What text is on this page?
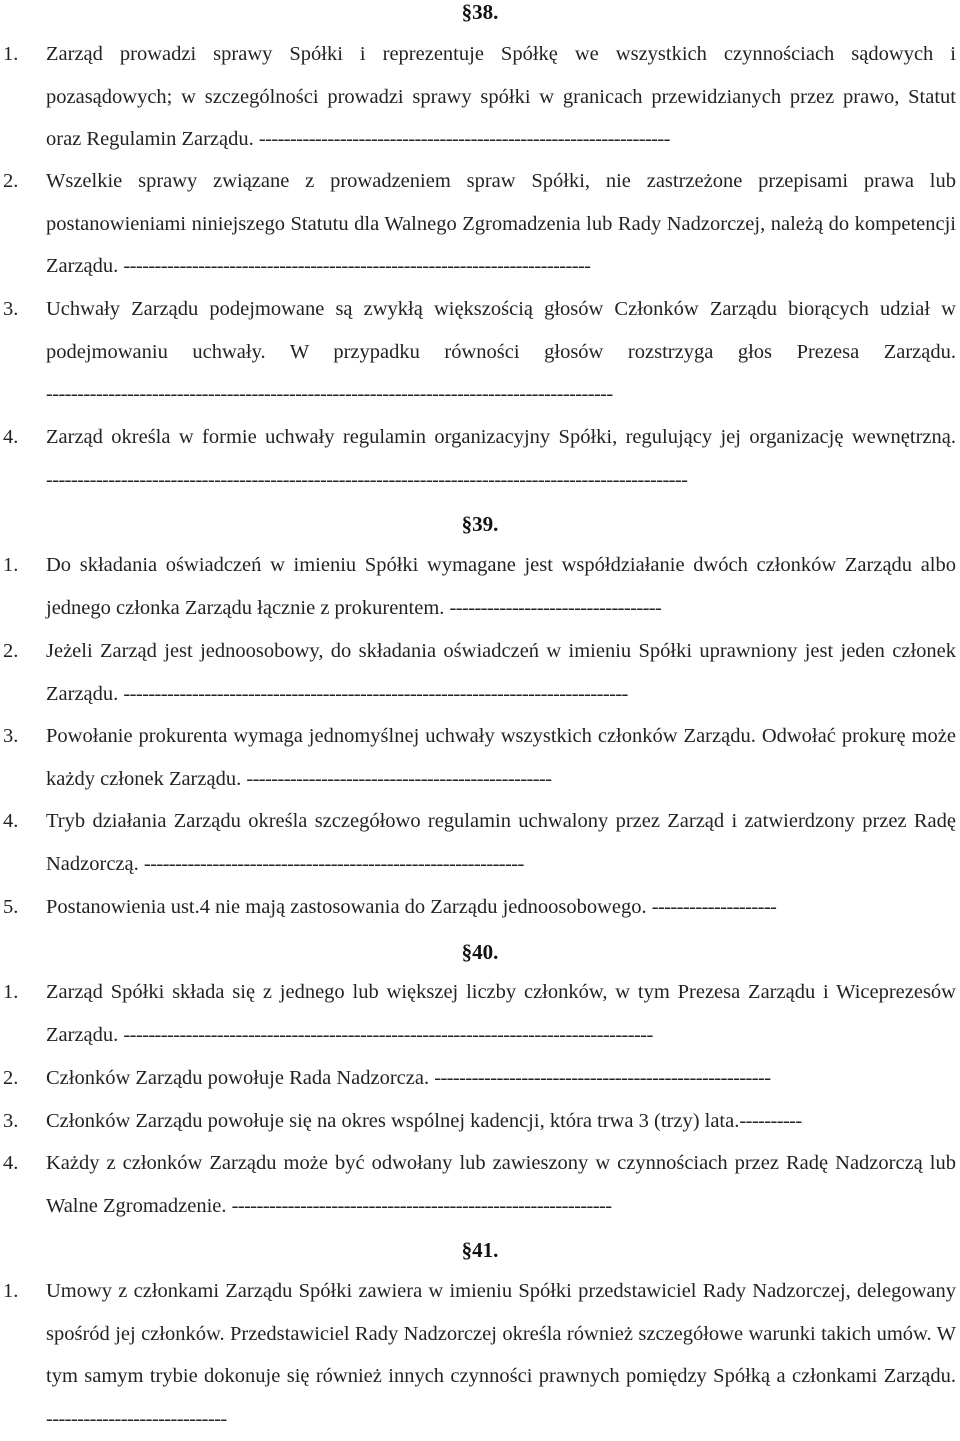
§38.
1. Zarząd prowadzi sprawy Spółki i reprezentuje Spółkę we wszystkich czynnościach sądowych i pozasądowych; w szczególności prowadzi sprawy spółki w granicach przewidzianych przez prawo, Statut oraz Regulamin Zarządu. ------------------------------------------------------------------
2. Wszelkie sprawy związane z prowadzeniem spraw Spółki, nie zastrzeżone przepisami prawa lub postanowieniami niniejszego Statutu dla Walnego Zgromadzenia lub Rady Nadzorczej, należą do kompetencji Zarządu. ---------------------------------------------------------------------------
3. Uchwały Zarządu podejmowane są zwykłą większością głosów Członków Zarządu biorących udział w podejmowaniu uchwały. W przypadku równości głosów rozstrzyga głos Prezesa Zarządu. -------------------------------------------------------------------------------------------
4. Zarząd określa w formie uchwały regulamin organizacyjny Spółki, regulujący jej organizację wewnętrzną. -------------------------------------------------------------------------------------------------------
§39.
1. Do składania oświadczeń w imieniu Spółki wymagane jest współdziałanie dwóch członków Zarządu albo jednego członka Zarządu łącznie z prokurentem. ----------------------------------
2. Jeżeli Zarząd jest jednoosobowy, do składania oświadczeń w imieniu Spółki uprawniony jest jeden członek Zarządu. ---------------------------------------------------------------------------------
3. Powołanie prokurenta wymaga jednomyślnej uchwały wszystkich członków Zarządu. Odwołać prokurę może każdy członek Zarządu. -------------------------------------------------
4. Tryb działania Zarządu określa szczegółowo regulamin uchwalony przez Zarząd i zatwierdzony przez Radę Nadzorczą. -------------------------------------------------------------
5. Postanowienia ust.4 nie mają zastosowania do Zarządu jednoosobowego. --------------------
§40.
1. Zarząd Spółki składa się z jednego lub większej liczby członków, w tym Prezesa Zarządu i Wiceprezesów Zarządu. -------------------------------------------------------------------------------------
2. Członków Zarządu powołuje Rada Nadzorcza. ------------------------------------------------------
3. Członków Zarządu powołuje się na okres wspólnej kadencji, która trwa 3 (trzy) lata.----------
4. Każdy z członków Zarządu może być odwołany lub zawieszony w czynnościach przez Radę Nadzorczą lub Walne Zgromadzenie. -------------------------------------------------------------
§41.
1. Umowy z członkami Zarządu Spółki zawiera w imieniu Spółki przedstawiciel Rady Nadzorczej, delegowany spośród jej członków. Przedstawiciel Rady Nadzorczej określa również szczegółowe warunki takich umów. W tym samym trybie dokonuje się również innych czynności prawnych pomiędzy Spółką a członkami Zarządu. -----------------------------
